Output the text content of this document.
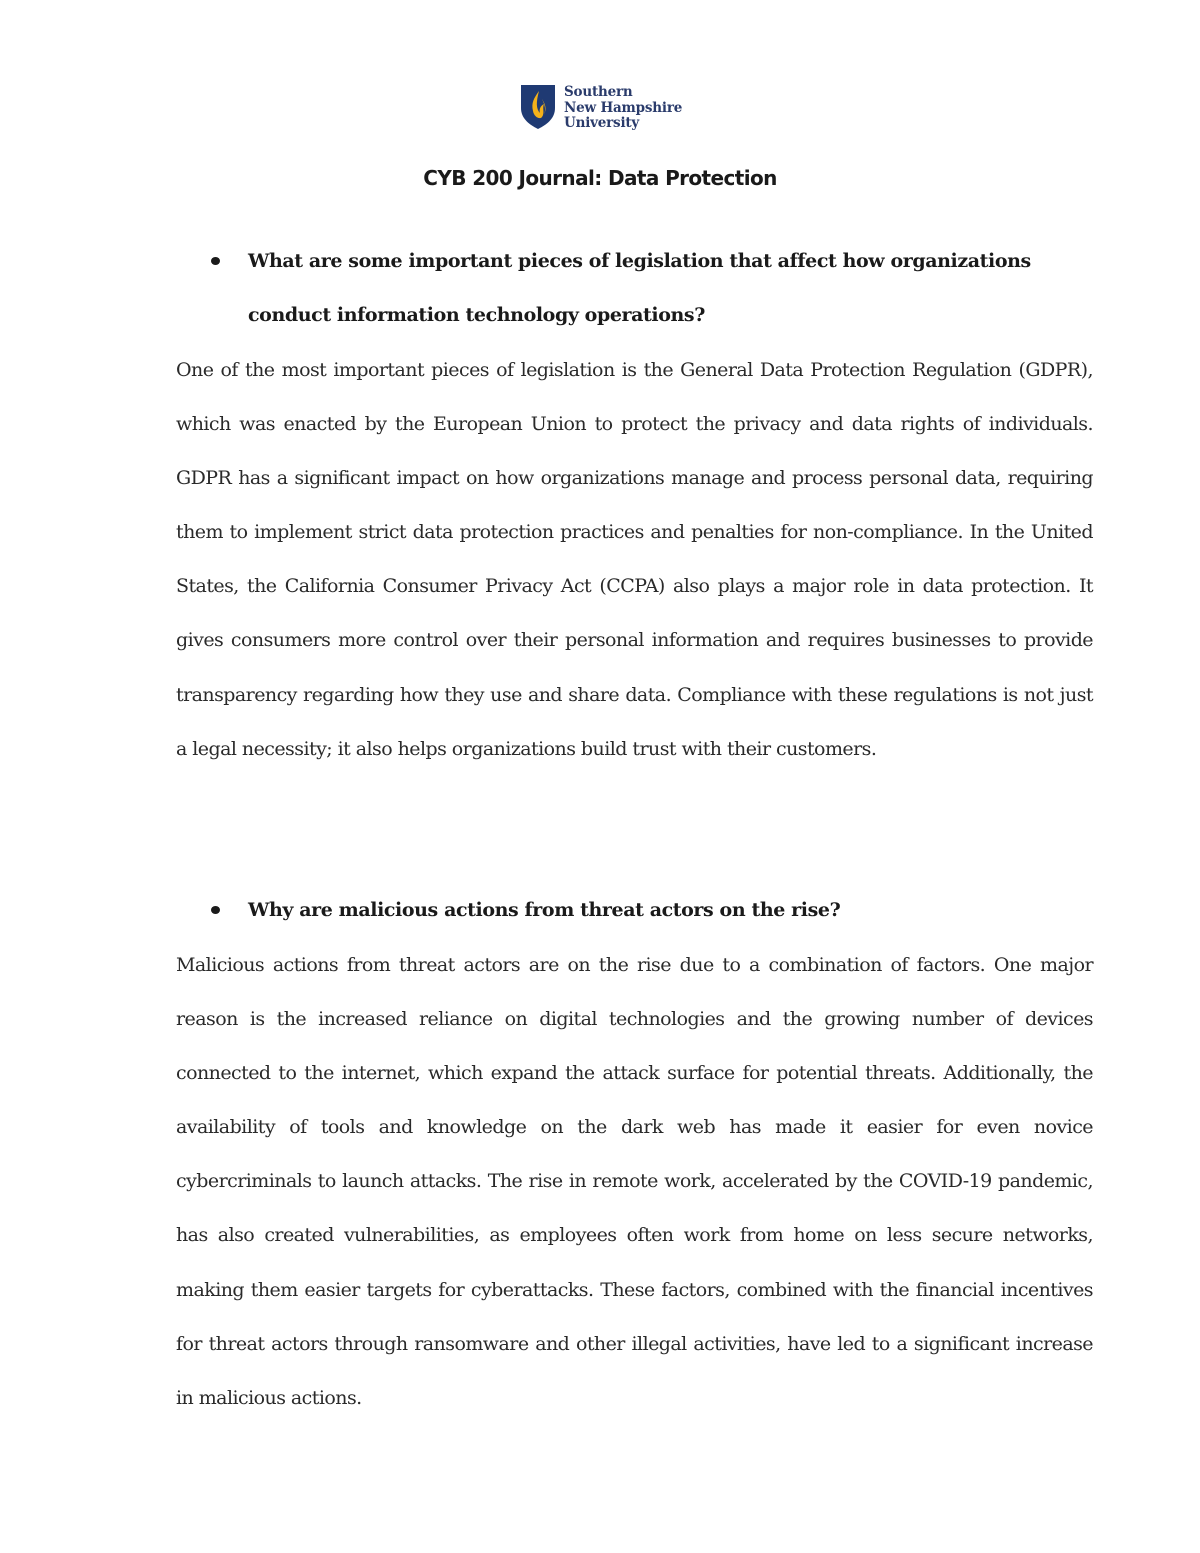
Southern
New Hampshire
University
CYB 200 Journal: Data Protection
What are some important pieces of legislation that affect how organizations conduct information technology operations?

One of the most important pieces of legislation is the General Data Protection Regulation (GDPR), which was enacted by the European Union to protect the privacy and data rights of individuals. GDPR has a significant impact on how organizations manage and process personal data, requiring them to implement strict data protection practices and penalties for non-compliance. In the United States, the California Consumer Privacy Act (CCPA) also plays a major role in data protection. It gives consumers more control over their personal information and requires businesses to provide transparency regarding how they use and share data. Compliance with these regulations is not just a legal necessity; it also helps organizations build trust with their customers.

Why are malicious actions from threat actors on the rise?

Malicious actions from threat actors are on the rise due to a combination of factors. One major reason is the increased reliance on digital technologies and the growing number of devices connected to the internet, which expand the attack surface for potential threats. Additionally, the availability of tools and knowledge on the dark web has made it easier for even novice cybercriminals to launch attacks. The rise in remote work, accelerated by the COVID-19 pandemic, has also created vulnerabilities, as employees often work from home on less secure networks, making them easier targets for cyberattacks. These factors, combined with the financial incentives for threat actors through ransomware and other illegal activities, have led to a significant increase in malicious actions.
